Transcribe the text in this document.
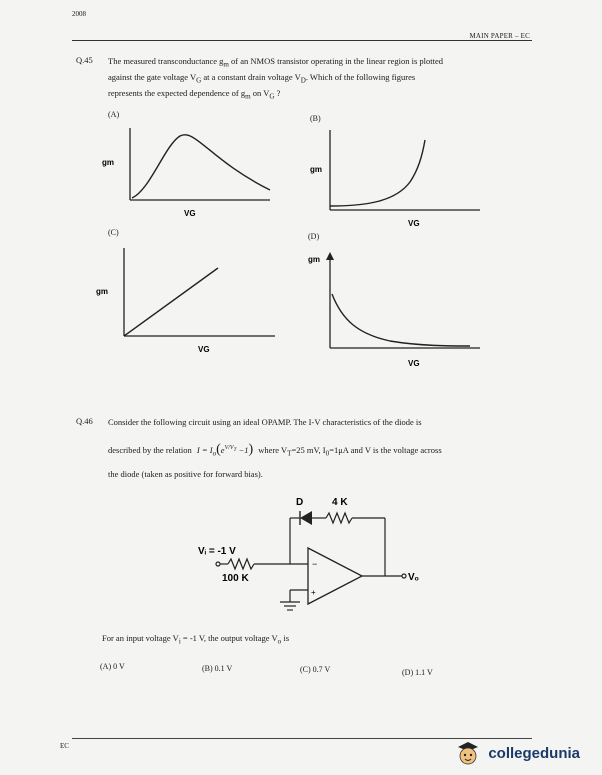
2008
MAIN PAPER – EC
Q.45 The measured transconductance $g_m$ of an NMOS transistor operating in the linear region is plotted
against the gate voltage $V_G$ at a constant drain voltage $V_D$. Which of the following figures
represents the expected dependence of $g_m$ on $V_G$ ?
(A)	(B)
(C)	(D)
gm
VG
gm
VG
gm
VG
gm
VG
Q.46 Consider the following circuit using an ideal OPAMP. The I-V characteristics of the diode is
described by the relation $I = I_o(e^{V/V_T} -1)$ where $V_T=25$ mV, $I_0=1\mu A$ and V is the voltage across
the diode (taken as positive for forward bias).
−
+
D	4 K
Vᵢ = -1 V
100 K	Vₒ
For an input voltage $V_i = -1$ V, the output voltage $V_o$ is
(A) 0 V	(B) 0.1 V	(C) 0.7 V	(D) 1.1 V
EC	collegedunia
